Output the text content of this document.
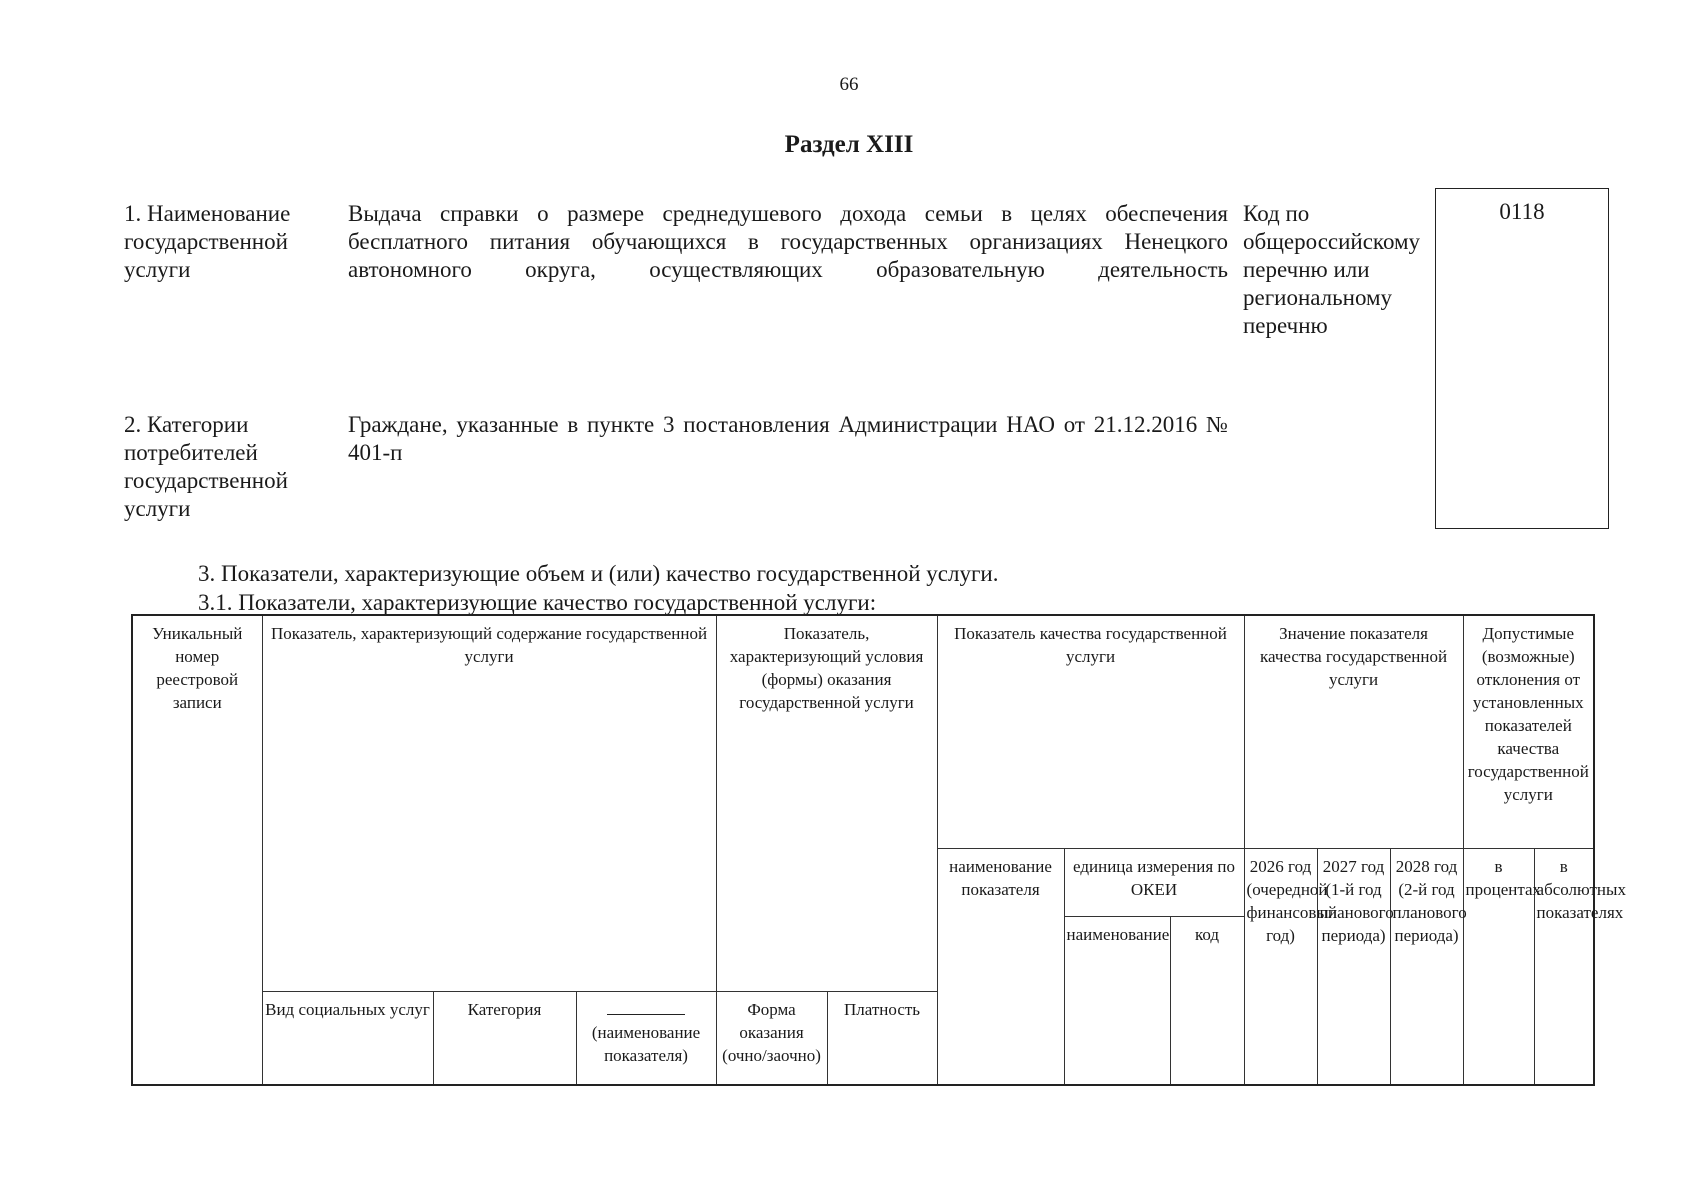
66
Раздел XIII
1. Наименование государственной услуги
Выдача справки о размере среднедушевого дохода семьи в целях обеспечения бесплатного питания обучающихся в государственных организациях Ненецкого автономного округа, осуществляющих образовательную деятельность
Код по общероссийскому перечню или региональному перечню
0118
2. Категории потребителей государственной услуги
Граждане, указанные в пункте 3 постановления Администрации НАО от 21.12.2016 № 401-п
3. Показатели, характеризующие объем и (или) качество государственной услуги.
3.1. Показатели, характеризующие качество государственной услуги:
Уникальный номер реестровой записи	Показатель, характеризующий содержание государственной услуги			Показатель, характеризующий условия (формы) оказания государственной услуги		Показатель качества государственной услуги			Значение показателя качества государственной услуги			Допустимые (возможные) отклонения от установленных показателей качества государственной услуги	
						наименование показателя	единица измерения по ОКЕИ		2026 год (очередной финансовый год)	2027 год (1-й год планового периода)	2028 год (2-й год планового периода)	в процентах	в абсолютных показателях
							наименование	код					
	Вид социальных услуг	Категория	(наименование показателя)	Форма оказания (очно/заочно)	Платность								
